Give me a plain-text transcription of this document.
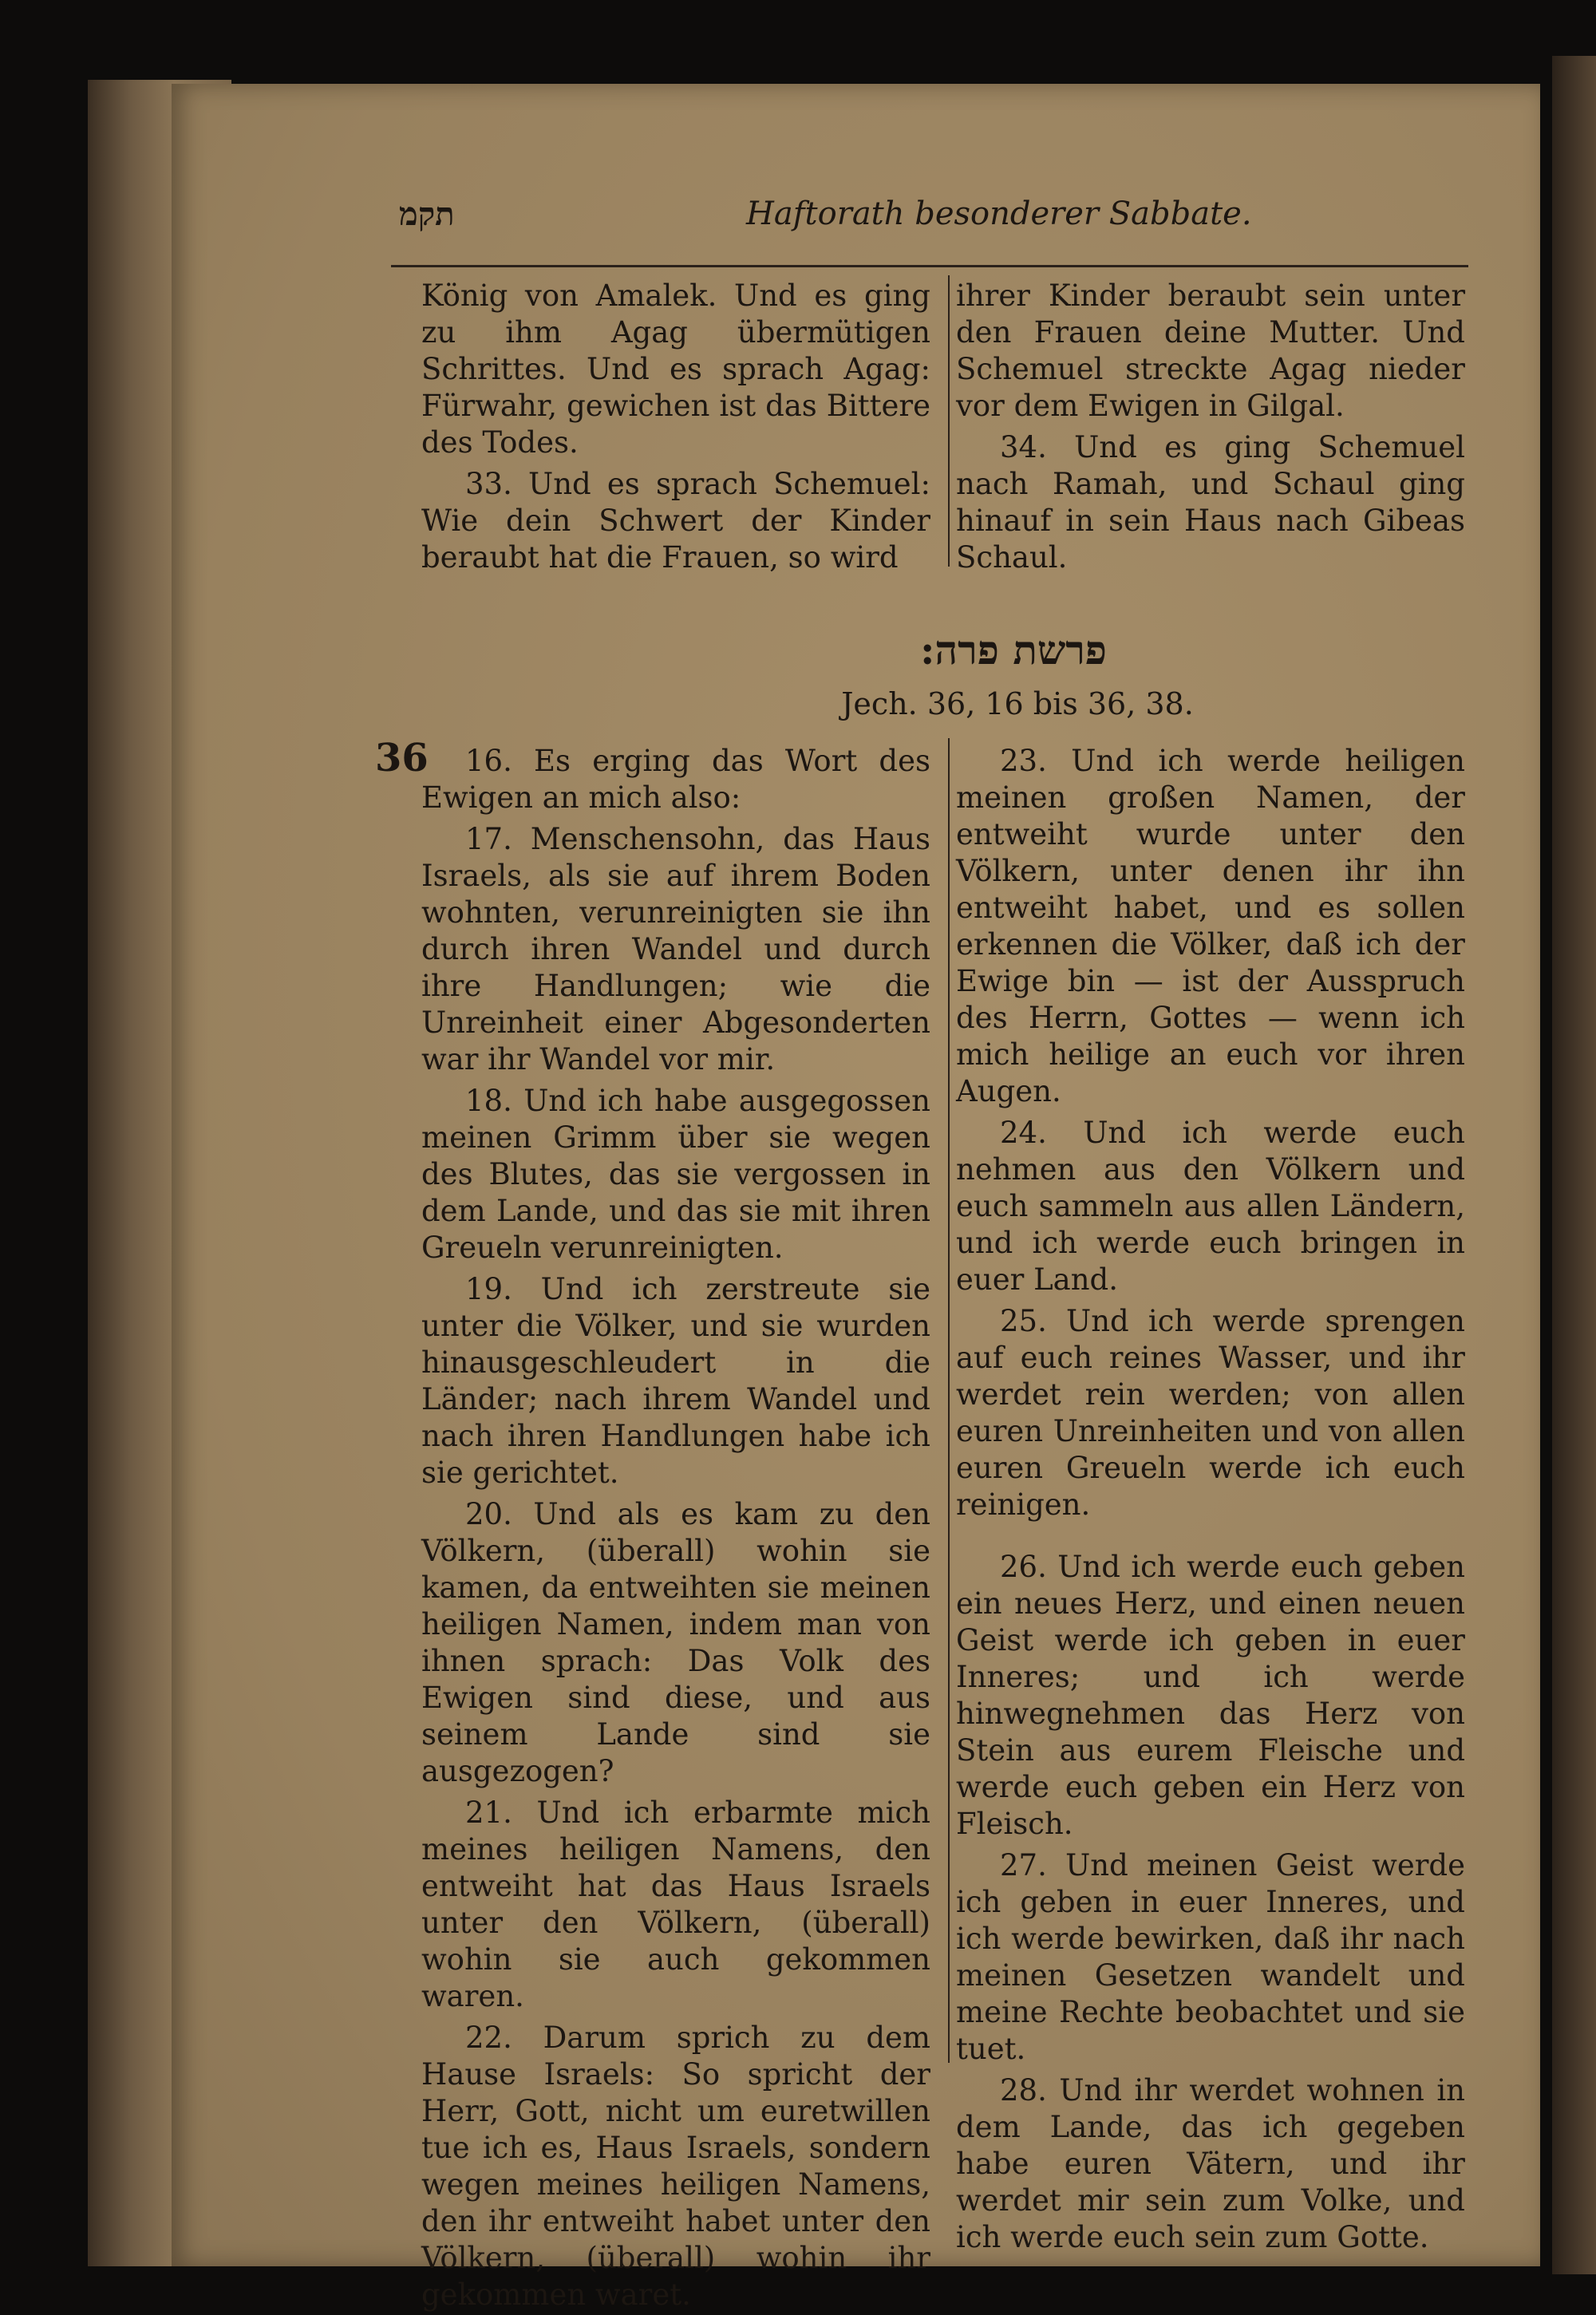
תקמ	Haftorath besonderer Sabbate.

König von Amalek. Und es ging zu ihm Agag übermütigen Schrittes. Und es sprach Agag: Fürwahr, gewichen ist das Bittere des Todes.

33. Und es sprach Schemuel: Wie dein Schwert der Kinder beraubt hat die Frauen, so wird

ihrer Kinder beraubt sein unter den Frauen deine Mutter. Und Schemuel streckte Agag nieder vor dem Ewigen in Gilgal.

34. Und es ging Schemuel nach Ramah, und Schaul ging hinauf in sein Haus nach Gibeas Schaul.

פרשת פרה:
Jech. 36, 16 bis 36, 38.
36	16. Es erging das Wort des Ewigen an mich also:

17. Menschensohn, das Haus Israels, als sie auf ihrem Boden wohnten, verunreinigten sie ihn durch ihren Wandel und durch ihre Handlungen; wie die Unreinheit einer Abgesonderten war ihr Wandel vor mir.

18. Und ich habe ausgegossen meinen Grimm über sie wegen des Blutes, das sie vergossen in dem Lande, und das sie mit ihren Greueln verunreinigten.

19. Und ich zerstreute sie unter die Völker, und sie wurden hinausgeschleudert in die Länder; nach ihrem Wandel und nach ihren Handlungen habe ich sie gerichtet.

20. Und als es kam zu den Völkern, (überall) wohin sie kamen, da entweihten sie meinen heiligen Namen, indem man von ihnen sprach: Das Volk des Ewigen sind diese, und aus seinem Lande sind sie ausgezogen?

21. Und ich erbarmte mich meines heiligen Namens, den entweiht hat das Haus Israels unter den Völkern, (überall) wohin sie auch gekommen waren.

22. Darum sprich zu dem Hause Israels: So spricht der Herr, Gott, nicht um euretwillen tue ich es, Haus Israels, sondern wegen meines heiligen Namens, den ihr entweiht habet unter den Völkern, (überall) wohin ihr gekommen waret.

23. Und ich werde heiligen meinen großen Namen, der entweiht wurde unter den Völkern, unter denen ihr ihn entweiht habet, und es sollen erkennen die Völker, daß ich der Ewige bin — ist der Ausspruch des Herrn, Gottes — wenn ich mich heilige an euch vor ihren Augen.

24. Und ich werde euch nehmen aus den Völkern und euch sammeln aus allen Ländern, und ich werde euch bringen in euer Land.

25. Und ich werde sprengen auf euch reines Wasser, und ihr werdet rein werden; von allen euren Unreinheiten und von allen euren Greueln werde ich euch reinigen.

26. Und ich werde euch geben ein neues Herz, und einen neuen Geist werde ich geben in euer Inneres; und ich werde hinwegnehmen das Herz von Stein aus eurem Fleische und werde euch geben ein Herz von Fleisch.

27. Und meinen Geist werde ich geben in euer Inneres, und ich werde bewirken, daß ihr nach meinen Gesetzen wandelt und meine Rechte beobachtet und sie tuet.

28. Und ihr werdet wohnen in dem Lande, das ich gegeben habe euren Vätern, und ihr werdet mir sein zum Volke, und ich werde euch sein zum Gotte.
